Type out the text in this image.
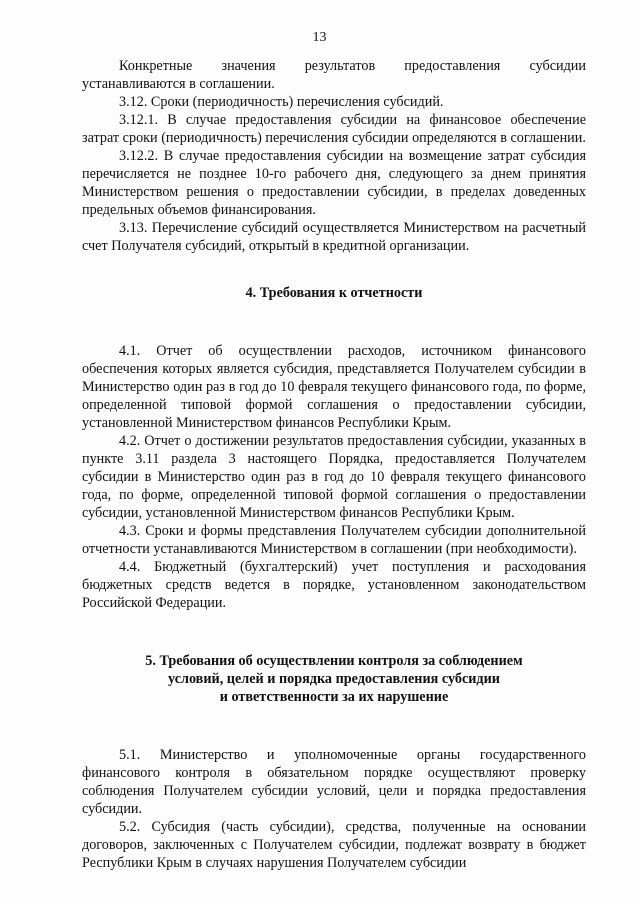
13

Конкретные значения результатов предоставления субсидии устанавливаются в соглашении.

3.12. Сроки (периодичность) перечисления субсидий.

3.12.1. В случае предоставления субсидии на финансовое обеспечение затрат сроки (периодичность) перечисления субсидии определяются в соглашении.

3.12.2. В случае предоставления субсидии на возмещение затрат субсидия перечисляется не позднее 10-го рабочего дня, следующего за днем принятия Министерством решения о предоставлении субсидии, в пределах доведенных предельных объемов финансирования.

3.13. Перечисление субсидий осуществляется Министерством на расчетный счет Получателя субсидий, открытый в кредитной организации.

4. Требования к отчетности

4.1. Отчет об осуществлении расходов, источником финансового обеспечения которых является субсидия, представляется Получателем субсидии в Министерство один раз в год до 10 февраля текущего финансового года, по форме, определенной типовой формой соглашения о предоставлении субсидии, установленной Министерством финансов Республики Крым.

4.2. Отчет о достижении результатов предоставления субсидии, указанных в пункте 3.11 раздела 3 настоящего Порядка, предоставляется Получателем субсидии в Министерство один раз в год до 10 февраля текущего финансового года, по форме, определенной типовой формой соглашения о предоставлении субсидии, установленной Министерством финансов Республики Крым.

4.3. Сроки и формы представления Получателем субсидии дополнительной отчетности устанавливаются Министерством в соглашении (при необходимости).

4.4. Бюджетный (бухгалтерский) учет поступления и расходования бюджетных средств ведется в порядке, установленном законодательством Российской Федерации.

5. Требования об осуществлении контроля за соблюдением
условий, целей и порядка предоставления субсидии
и ответственности за их нарушение

5.1. Министерство и уполномоченные органы государственного финансового контроля в обязательном порядке осуществляют проверку соблюдения Получателем субсидии условий, цели и порядка предоставления субсидии.

5.2. Субсидия (часть субсидии), средства, полученные на основании договоров, заключенных с Получателем субсидии, подлежат возврату в бюджет Республики Крым в случаях нарушения Получателем субсидии
